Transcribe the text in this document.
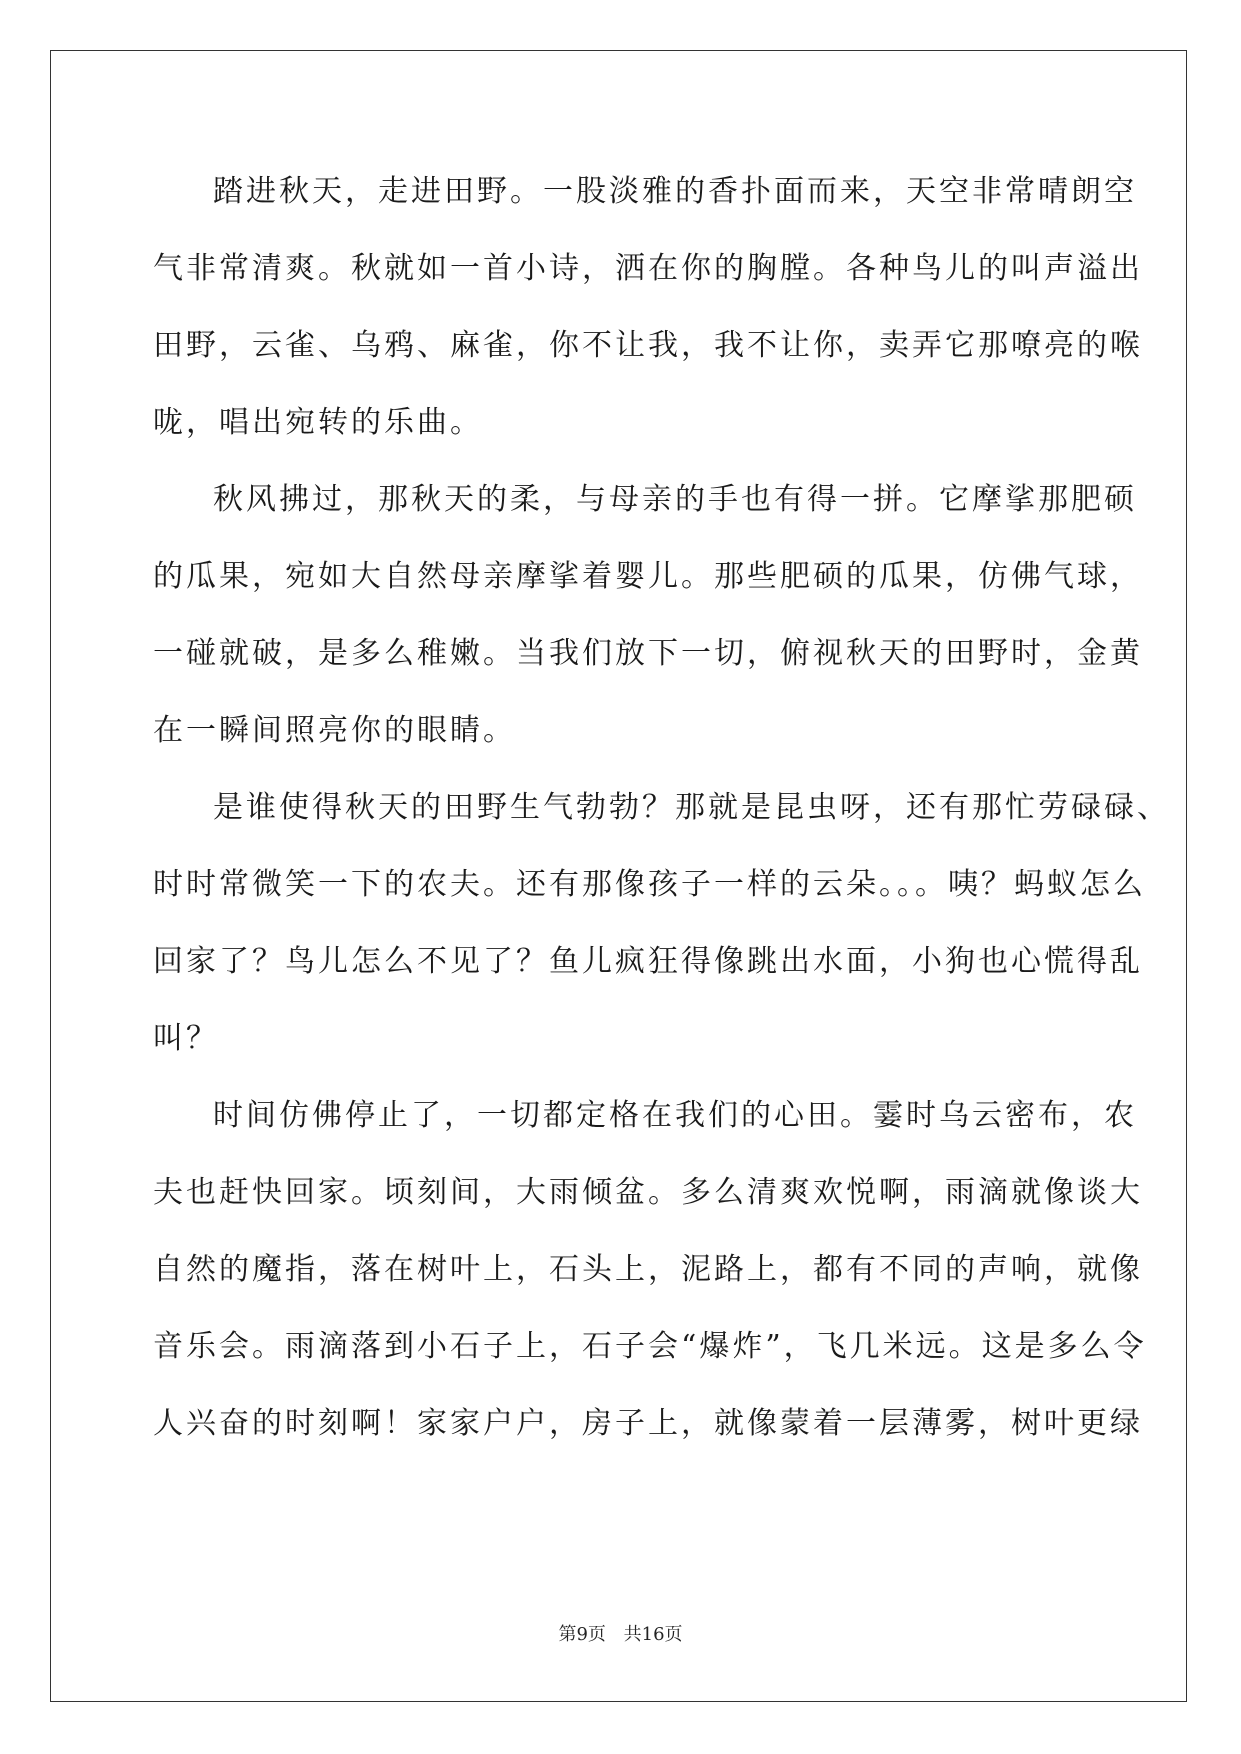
踏进秋天，走进田野。一股淡雅的香扑面而来，天空非常晴朗空
气非常清爽。秋就如一首小诗，洒在你的胸膛。各种鸟儿的叫声溢出
田野，云雀、乌鸦、麻雀，你不让我，我不让你，卖弄它那嘹亮的喉
咙，唱出宛转的乐曲。
秋风拂过，那秋天的柔，与母亲的手也有得一拼。它摩挲那肥硕
的瓜果，宛如大自然母亲摩挲着婴儿。那些肥硕的瓜果，仿佛气球，
一碰就破，是多么稚嫩。当我们放下一切，俯视秋天的田野时，金黄
在一瞬间照亮你的眼睛。
是谁使得秋天的田野生气勃勃？那就是昆虫呀，还有那忙劳碌碌、
时时常微笑一下的农夫。还有那像孩子一样的云朵。。。咦？蚂蚁怎么
回家了？鸟儿怎么不见了？鱼儿疯狂得像跳出水面，小狗也心慌得乱
叫？
时间仿佛停止了，一切都定格在我们的心田。霎时乌云密布，农
夫也赶快回家。顷刻间，大雨倾盆。多么清爽欢悦啊，雨滴就像谈大
自然的魔指，落在树叶上，石头上，泥路上，都有不同的声响，就像
音乐会。雨滴落到小石子上，石子会“爆炸”，飞几米远。这是多么令
人兴奋的时刻啊！家家户户，房子上，就像蒙着一层薄雾，树叶更绿
第9页 共16页
